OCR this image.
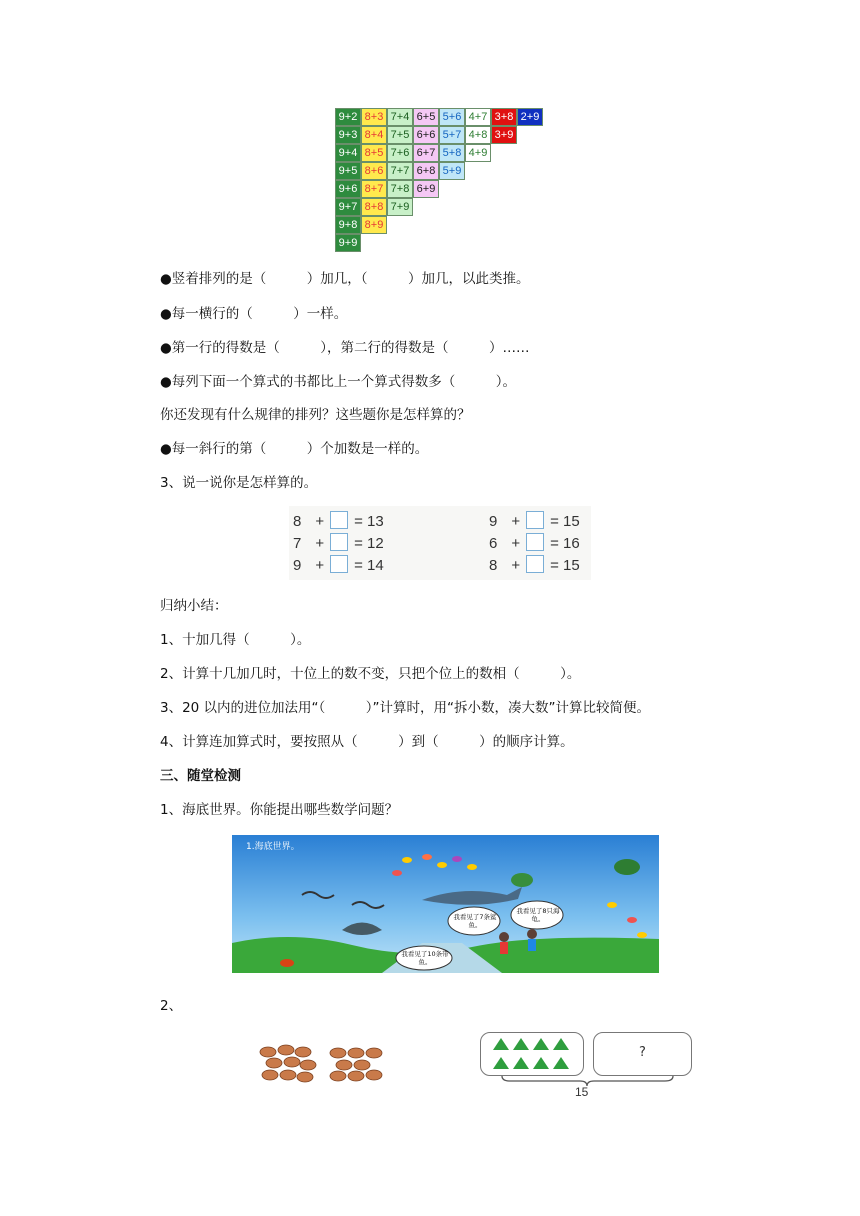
9+2
9+3
9+4
9+5
9+6
9+7
9+8
9+9
8+3
8+4
8+5
8+6
8+7
8+8
8+9
7+4
7+5
7+6
7+7
7+8
7+9
6+5
6+6
6+7
6+8
6+9
5+6
5+7
5+8
5+9
4+7
4+8
4+9
3+8
3+9
2+9
●竖着排列的是（　　　）加几，（　　　）加几，以此类推。
●每一横行的（　　　）一样。
●第一行的得数是（　　　），第二行的得数是（　　　）……
●每列下面一个算式的书都比上一个算式得数多（　　　）。
你还发现有什么规律的排列？这些题你是怎样算的？
●每一斜行的第（　　　）个加数是一样的。
3、说一说你是怎样算的。
8 + = 13
7 + = 12
9 + = 14
9 + = 15
6 + = 16
8 + = 15
归纳小结：
1、十加几得（　　　）。
2、计算十几加几时，十位上的数不变，只把个位上的数相（　　　）。
3、20 以内的进位加法用“（　　　）”计算时，用“拆小数，凑大数”计算比较简便。
4、计算连加算式时，要按照从（　　　）到（　　　）的顺序计算。
三、随堂检测
1、海底世界。你能提出哪些数学问题？
1.海底世界。
我看见了7条鲨鱼。
我看见了8只海龟。
我看见了10条带鱼。
2、
?
15
